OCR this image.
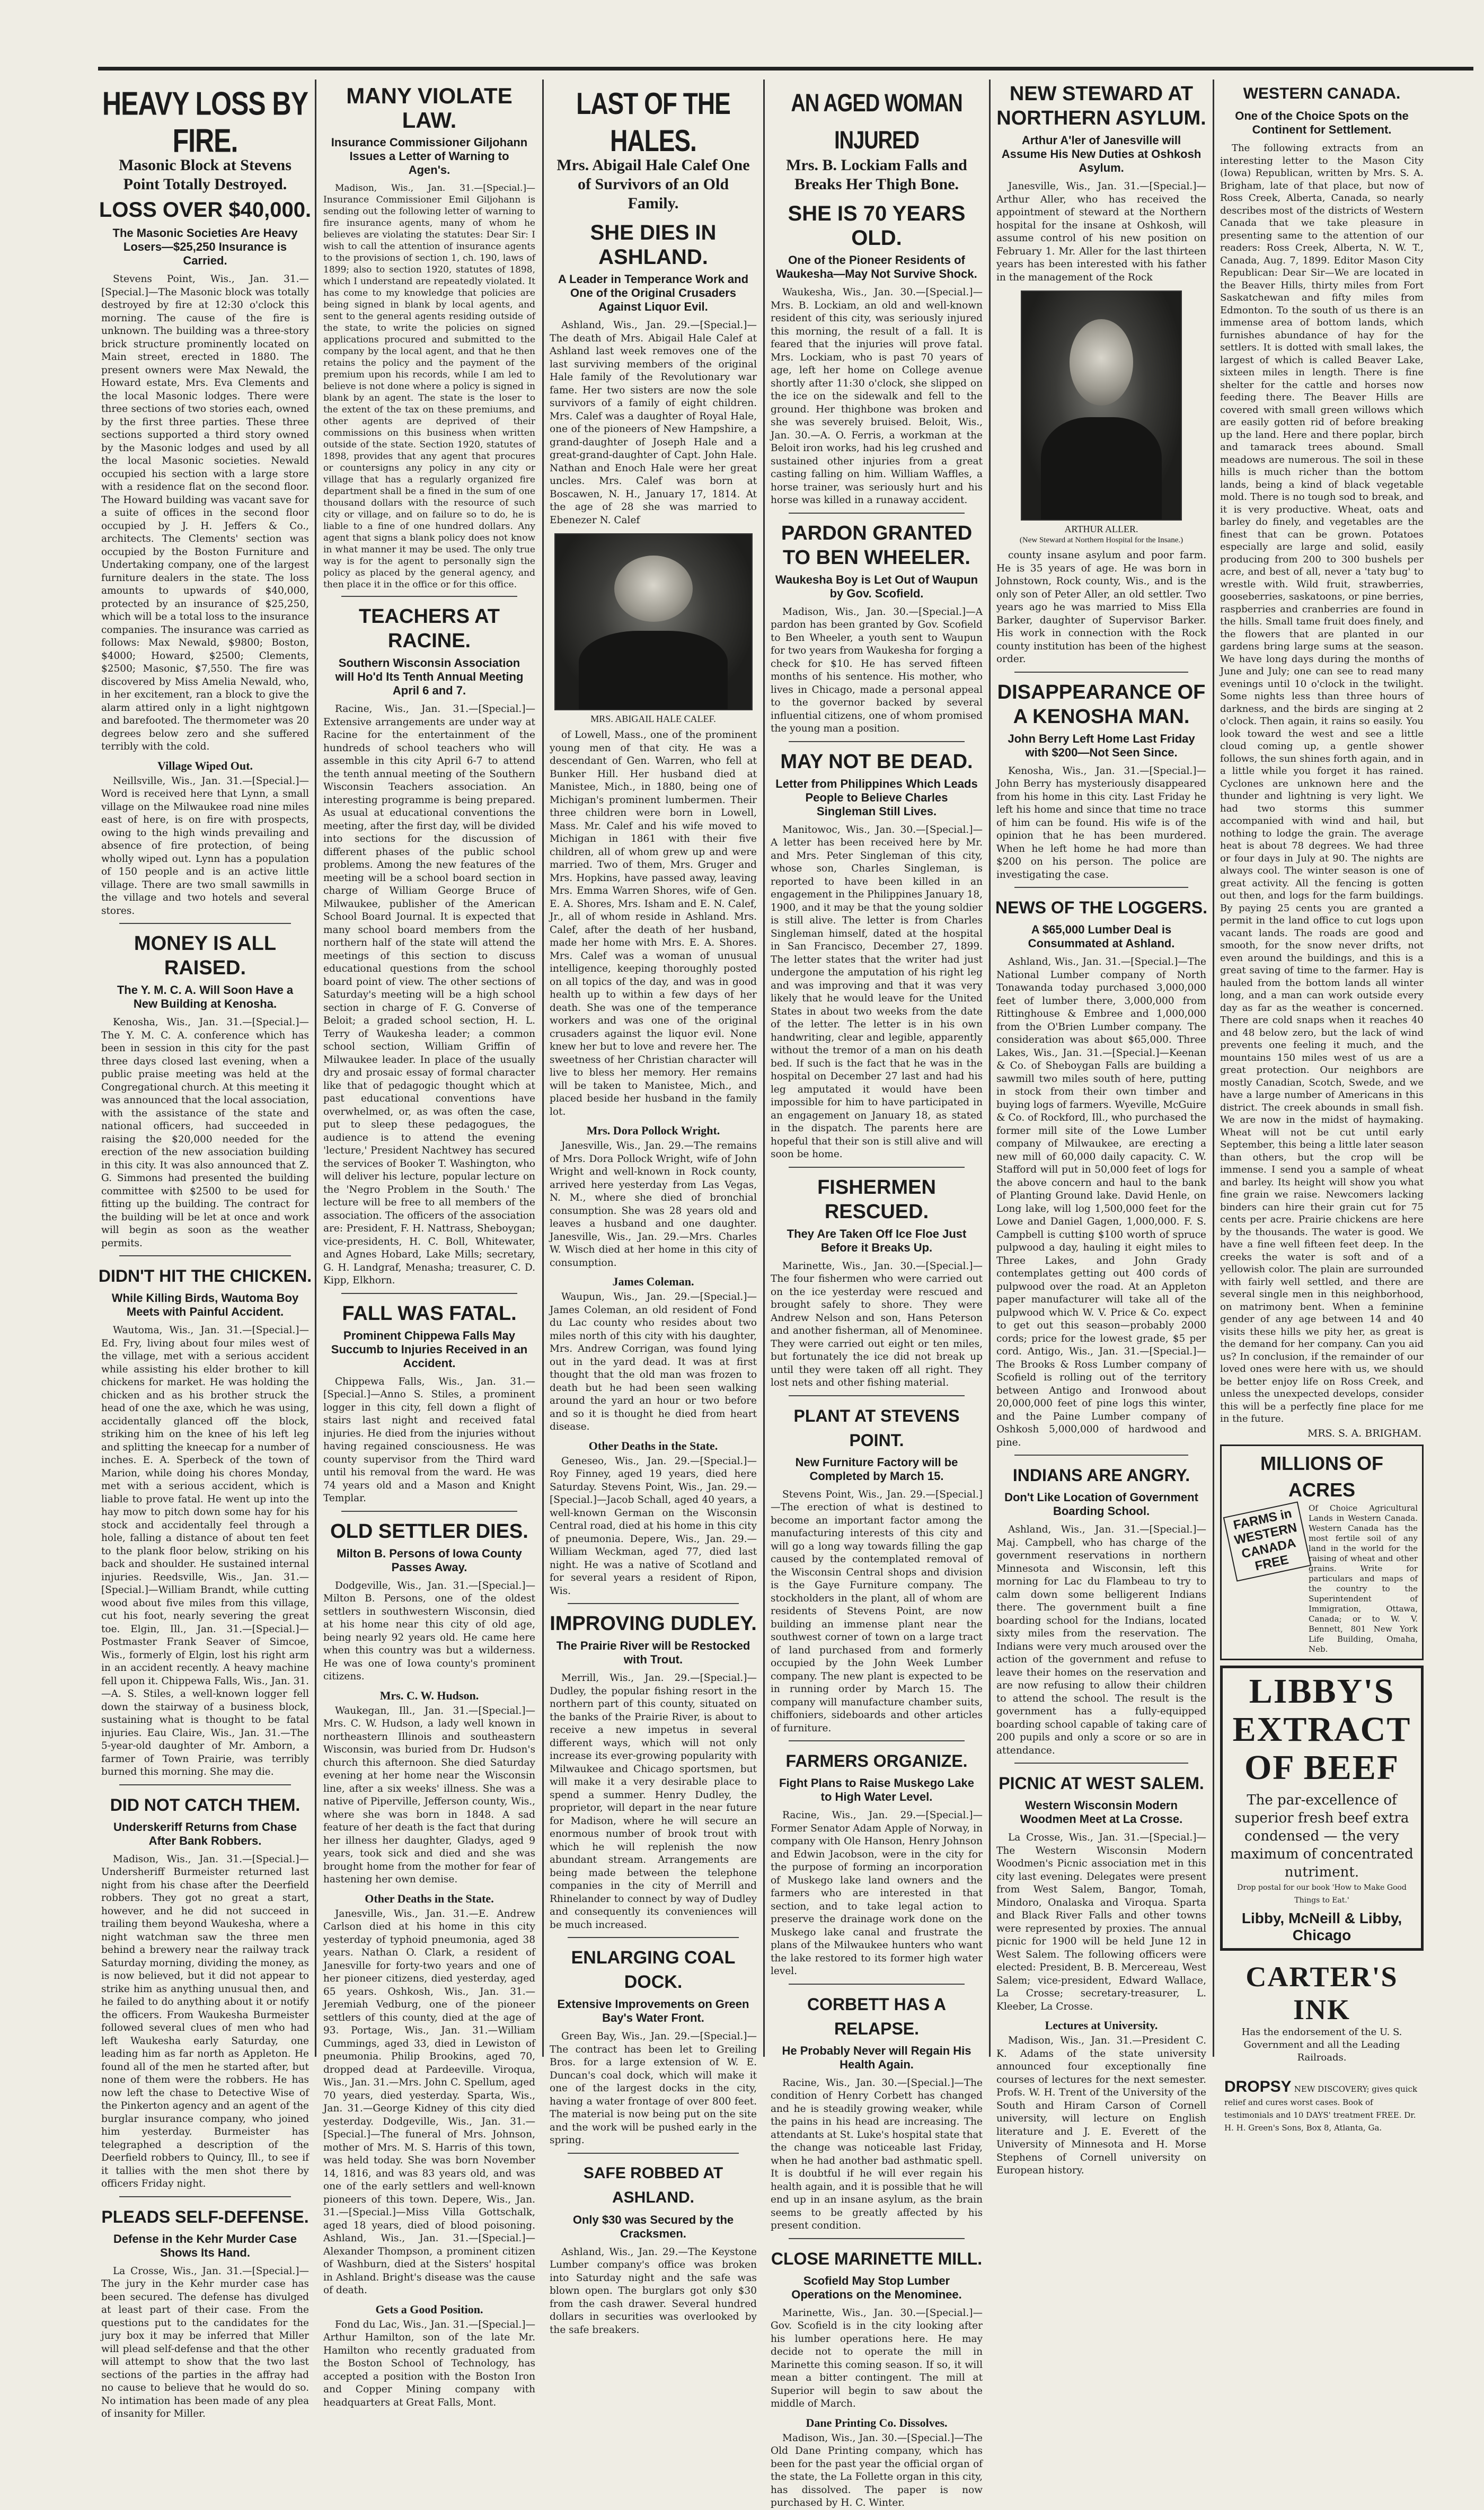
HEAVY LOSS BY FIRE.
Masonic Block at Stevens Point Totally Destroyed.
LOSS OVER $40,000.
The Masonic Societies Are Heavy Losers—$25,250 Insurance is Carried.

Stevens Point, Wis., Jan. 31.—[Special.]—The Masonic block was totally destroyed by fire at 12:30 o'clock this morning. The cause of the fire is unknown. The building was a three-story brick structure prominently located on Main street, erected in 1880. The present owners were Max Newald, the Howard estate, Mrs. Eva Clements and the local Masonic lodges. There were three sections of two stories each, owned by the first three parties. These three sections supported a third story owned by the Masonic lodges and used by all the local Masonic societies. Newald occupied his section with a large store with a residence flat on the second floor. The Howard building was vacant save for a suite of offices in the second floor occupied by J. H. Jeffers & Co., architects. The Clements' section was occupied by the Boston Furniture and Undertaking company, one of the largest furniture dealers in the state. The loss amounts to upwards of $40,000, protected by an insurance of $25,250, which will be a total loss to the insurance companies. The insurance was carried as follows: Max Newald, $9800; Boston, $4000; Howard, $2500; Clements, $2500; Masonic, $7,550. The fire was discovered by Miss Amelia Newald, who, in her excitement, ran a block to give the alarm attired only in a light nightgown and barefooted. The thermometer was 20 degrees below zero and she suffered terribly with the cold.

Village Wiped Out.

Neillsville, Wis., Jan. 31.—[Special.]—Word is received here that Lynn, a small village on the Milwaukee road nine miles east of here, is on fire with prospects, owing to the high winds prevailing and absence of fire protection, of being wholly wiped out. Lynn has a population of 150 people and is an active little village. There are two small sawmills in the village and two hotels and several stores.

MONEY IS ALL RAISED.
The Y. M. C. A. Will Soon Have a New Building at Kenosha.

Kenosha, Wis., Jan. 31.—[Special.]—The Y. M. C. A. conference which has been in session in this city for the past three days closed last evening, when a public praise meeting was held at the Congregational church. At this meeting it was announced that the local association, with the assistance of the state and national officers, had succeeded in raising the $20,000 needed for the erection of the new association building in this city. It was also announced that Z. G. Simmons had presented the building committee with $2500 to be used for fitting up the building. The contract for the building will be let at once and work will begin as soon as the weather permits.

DIDN'T HIT THE CHICKEN.
While Killing Birds, Wautoma Boy Meets with Painful Accident.

Wautoma, Wis., Jan. 31.—[Special.]—Ed. Fry, living about four miles west of the village, met with a serious accident while assisting his elder brother to kill chickens for market. He was holding the chicken and as his brother struck the head of one the axe, which he was using, accidentally glanced off the block, striking him on the knee of his left leg and splitting the kneecap for a number of inches. E. A. Sperbeck of the town of Marion, while doing his chores Monday, met with a serious accident, which is liable to prove fatal. He went up into the hay mow to pitch down some hay for his stock and accidentally feel through a hole, falling a distance of about ten feet to the plank floor below, striking on his back and shoulder. He sustained internal injuries. Reedsville, Wis., Jan. 31.—[Special.]—William Brandt, while cutting wood about five miles from this village, cut his foot, nearly severing the great toe. Elgin, Ill., Jan. 31.—[Special.]—Postmaster Frank Seaver of Simcoe, Wis., formerly of Elgin, lost his right arm in an accident recently. A heavy machine fell upon it. Chippewa Falls, Wis., Jan. 31.—A. S. Stiles, a well-known logger fell down the stairway of a business block, sustaining what is thought to be fatal injuries. Eau Claire, Wis., Jan. 31.—The 5-year-old daughter of Mr. Amborn, a farmer of Town Prairie, was terribly burned this morning. She may die.

DID NOT CATCH THEM.
Underskeriff Returns from Chase After Bank Robbers.

Madison, Wis., Jan. 31.—[Special.]—Undersheriff Burmeister returned last night from his chase after the Deerfield robbers. They got no great a start, however, and he did not succeed in trailing them beyond Waukesha, where a night watchman saw the three men behind a brewery near the railway track Saturday morning, dividing the money, as is now believed, but it did not appear to strike him as anything unusual then, and he failed to do anything about it or notify the officers. From Waukesha Burmeister followed several clues of men who had left Waukesha early Saturday, one leading him as far north as Appleton. He found all of the men he started after, but none of them were the robbers. He has now left the chase to Detective Wise of the Pinkerton agency and an agent of the burglar insurance company, who joined him yesterday. Burmeister has telegraphed a description of the Deerfield robbers to Quincy, Ill., to see if it tallies with the men shot there by officers Friday night.

PLEADS SELF-DEFENSE.
Defense in the Kehr Murder Case Shows Its Hand.

La Crosse, Wis., Jan. 31.—[Special.]—The jury in the Kehr murder case has been secured. The defense has divulged at least part of their case. From the questions put to the candidates for the jury box it may be inferred that Miller will plead self-defense and that the other will attempt to show that the two last sections of the parties in the affray had no cause to believe that he would do so. No intimation has been made of any plea of insanity for Miller.

MANY VIOLATE LAW.
Insurance Commissioner Giljohann Issues a Letter of Warning to Agen's.

Madison, Wis., Jan. 31.—[Special.]—Insurance Commissioner Emil Giljohann is sending out the following letter of warning to fire insurance agents, many of whom he believes are violating the statutes: Dear Sir: I wish to call the attention of insurance agents to the provisions of section 1, ch. 190, laws of 1899; also to section 1920, statutes of 1898, which I understand are repeatedly violated. It has come to my knowledge that policies are being signed in blank by local agents, and sent to the general agents residing outside of the state, to write the policies on signed applications procured and submitted to the company by the local agent, and that he then retains the policy and the payment of the premium upon his records, while I am led to believe is not done where a policy is signed in blank by an agent. The state is the loser to the extent of the tax on these premiums, and other agents are deprived of their commissions on this business when written outside of the state. Section 1920, statutes of 1898, provides that any agent that procures or countersigns any policy in any city or village that has a regularly organized fire department shall be a fined in the sum of one thousand dollars with the resource of such city or village, and on failure so to do, he is liable to a fine of one hundred dollars. Any agent that signs a blank policy does not know in what manner it may be used. The only true way is for the agent to personally sign the policy as placed by the general agency, and then place it in the office or for this office.

TEACHERS AT RACINE.
Southern Wisconsin Association will Ho'd Its Tenth Annual Meeting April 6 and 7.

Racine, Wis., Jan. 31.—[Special.]—Extensive arrangements are under way at Racine for the entertainment of the hundreds of school teachers who will assemble in this city April 6-7 to attend the tenth annual meeting of the Southern Wisconsin Teachers association. An interesting programme is being prepared. As usual at educational conventions the meeting, after the first day, will be divided into sections for the discussion of different phases of the public school problems. Among the new features of the meeting will be a school board section in charge of William George Bruce of Milwaukee, publisher of the American School Board Journal. It is expected that many school board members from the northern half of the state will attend the meetings of this section to discuss educational questions from the school board point of view. The other sections of Saturday's meeting will be a high school section in charge of F. G. Converse of Beloit; a graded school section, H. L. Terry of Waukesha leader; a common school section, William Griffin of Milwaukee leader. In place of the usually dry and prosaic essay of formal character like that of pedagogic thought which at past educational conventions have overwhelmed, or, as was often the case, put to sleep these pedagogues, the audience is to attend the evening 'lecture,' President Nachtwey has secured the services of Booker T. Washington, who will deliver his lecture, popular lecture on the 'Negro Problem in the South.' The lecture will be free to all members of the association. The officers of the association are: President, F. H. Nattrass, Sheboygan; vice-presidents, H. C. Boll, Whitewater, and Agnes Hobard, Lake Mills; secretary, G. H. Landgraf, Menasha; treasurer, C. D. Kipp, Elkhorn.

FALL WAS FATAL.
Prominent Chippewa Falls May Succumb to Injuries Received in an Accident.

Chippewa Falls, Wis., Jan. 31.—[Special.]—Anno S. Stiles, a prominent logger in this city, fell down a flight of stairs last night and received fatal injuries. He died from the injuries without having regained consciousness. He was county supervisor from the Third ward until his removal from the ward. He was 74 years old and a Mason and Knight Templar.

OLD SETTLER DIES.
Milton B. Persons of Iowa County Passes Away.

Dodgeville, Wis., Jan. 31.—[Special.]—Milton B. Persons, one of the oldest settlers in southwestern Wisconsin, died at his home near this city of old age, being nearly 92 years old. He came here when this country was but a wilderness. He was one of Iowa county's prominent citizens.

Mrs. C. W. Hudson.

Waukegan, Ill., Jan. 31.—[Special.]—Mrs. C. W. Hudson, a lady well known in northeastern Illinois and southeastern Wisconsin, was buried from Dr. Hudson's church this afternoon. She died Saturday evening at her home near the Wisconsin line, after a six weeks' illness. She was a native of Piperville, Jefferson county, Wis., where she was born in 1848. A sad feature of her death is the fact that during her illness her daughter, Gladys, aged 9 years, took sick and died and she was brought home from the mother for fear of hastening her own demise.

Other Deaths in the State.

Janesville, Wis., Jan. 31.—E. Andrew Carlson died at his home in this city yesterday of typhoid pneumonia, aged 38 years. Nathan O. Clark, a resident of Janesville for forty-two years and one of her pioneer citizens, died yesterday, aged 65 years. Oshkosh, Wis., Jan. 31.—Jeremiah Vedburg, one of the pioneer settlers of this county, died at the age of 93. Portage, Wis., Jan. 31.—William Cummings, aged 33, died in Lewiston of pneumonia. Philip Brookins, aged 70, dropped dead at Pardeeville. Viroqua, Wis., Jan. 31.—Mrs. John C. Spellum, aged 70 years, died yesterday. Sparta, Wis., Jan. 31.—George Kidney of this city died yesterday. Dodgeville, Wis., Jan. 31.—[Special.]—The funeral of Mrs. Johnson, mother of Mrs. M. S. Harris of this town, was held today. She was born November 14, 1816, and was 83 years old, and was one of the early settlers and well-known pioneers of this town. Depere, Wis., Jan. 31.—[Special.]—Miss Villa Gottschalk, aged 18 years, died of blood poisoning. Ashland, Wis., Jan. 31.—[Special.]—Alexander Thompson, a prominent citizen of Washburn, died at the Sisters' hospital in Ashland. Bright's disease was the cause of death.

Gets a Good Position.

Fond du Lac, Wis., Jan. 31.—[Special.]—Arthur Hamilton, son of the late Mr. Hamilton who recently graduated from the Boston School of Technology, has accepted a position with the Boston Iron and Copper Mining company with headquarters at Great Falls, Mont.

LAST OF THE HALES.
Mrs. Abigail Hale Calef One of Survivors of an Old Family.
SHE DIES IN ASHLAND.
A Leader in Temperance Work and One of the Original Crusaders Against Liquor Evil.

Ashland, Wis., Jan. 29.—[Special.]—The death of Mrs. Abigail Hale Calef at Ashland last week removes one of the last surviving members of the original Hale family of the Revolutionary war fame. Her two sisters are now the sole survivors of a family of eight children. Mrs. Calef was a daughter of Royal Hale, one of the pioneers of New Hampshire, a grand-daughter of Joseph Hale and a great-grand-daughter of Capt. John Hale. Nathan and Enoch Hale were her great uncles. Mrs. Calef was born at Boscawen, N. H., January 17, 1814. At the age of 28 she was married to Ebenezer N. Calef

MRS. ABIGAIL HALE CALEF.

of Lowell, Mass., one of the prominent young men of that city. He was a descendant of Gen. Warren, who fell at Bunker Hill. Her husband died at Manistee, Mich., in 1880, being one of Michigan's prominent lumbermen. Their three children were born in Lowell, Mass. Mr. Calef and his wife moved to Michigan in 1861 with their five children, all of whom grew up and were married. Two of them, Mrs. Gruger and Mrs. Hopkins, have passed away, leaving Mrs. Emma Warren Shores, wife of Gen. E. A. Shores, Mrs. Isham and E. N. Calef, Jr., all of whom reside in Ashland. Mrs. Calef, after the death of her husband, made her home with Mrs. E. A. Shores. Mrs. Calef was a woman of unusual intelligence, keeping thoroughly posted on all topics of the day, and was in good health up to within a few days of her death. She was one of the temperance workers and was one of the original crusaders against the liquor evil. None knew her but to love and revere her. The sweetness of her Christian character will live to bless her memory. Her remains will be taken to Manistee, Mich., and placed beside her husband in the family lot.

Mrs. Dora Pollock Wright.

Janesville, Wis., Jan. 29.—The remains of Mrs. Dora Pollock Wright, wife of John Wright and well-known in Rock county, arrived here yesterday from Las Vegas, N. M., where she died of bronchial consumption. She was 28 years old and leaves a husband and one daughter. Janesville, Wis., Jan. 29.—Mrs. Charles W. Wisch died at her home in this city of consumption.

James Coleman.

Waupun, Wis., Jan. 29.—[Special.]—James Coleman, an old resident of Fond du Lac county who resides about two miles north of this city with his daughter, Mrs. Andrew Corrigan, was found lying out in the yard dead. It was at first thought that the old man was frozen to death but he had been seen walking around the yard an hour or two before and so it is thought he died from heart disease.

Other Deaths in the State.

Geneseo, Wis., Jan. 29.—[Special.]—Roy Finney, aged 19 years, died here Saturday. Stevens Point, Wis., Jan. 29.—[Special.]—Jacob Schall, aged 40 years, a well-known German on the Wisconsin Central road, died at his home in this city of pneumonia. Depere, Wis., Jan. 29.—William Weckman, aged 77, died last night. He was a native of Scotland and for several years a resident of Ripon, Wis.

IMPROVING DUDLEY.
The Prairie River will be Restocked with Trout.

Merrill, Wis., Jan. 29.—[Special.]—Dudley, the popular fishing resort in the northern part of this county, situated on the banks of the Prairie River, is about to receive a new impetus in several different ways, which will not only increase its ever-growing popularity with Milwaukee and Chicago sportsmen, but will make it a very desirable place to spend a summer. Henry Dudley, the proprietor, will depart in the near future for Madison, where he will secure an enormous number of brook trout with which he will replenish the now abundant stream. Arrangements are being made between the telephone companies in the city of Merrill and Rhinelander to connect by way of Dudley and consequently its conveniences will be much increased.

ENLARGING COAL DOCK.
Extensive Improvements on Green Bay's Water Front.

Green Bay, Wis., Jan. 29.—[Special.]—The contract has been let to Greiling Bros. for a large extension of W. E. Duncan's coal dock, which will make it one of the largest docks in the city, having a water frontage of over 800 feet. The material is now being put on the site and the work will be pushed early in the spring.

SAFE ROBBED AT ASHLAND.
Only $30 was Secured by the Cracksmen.

Ashland, Wis., Jan. 29.—The Keystone Lumber company's office was broken into Saturday night and the safe was blown open. The burglars got only $30 from the cash drawer. Several hundred dollars in securities was overlooked by the safe breakers.

AN AGED WOMAN INJURED
Mrs. B. Lockiam Falls and Breaks Her Thigh Bone.
SHE IS 70 YEARS OLD.
One of the Pioneer Residents of Waukesha—May Not Survive Shock.

Waukesha, Wis., Jan. 30.—[Special.]—Mrs. B. Lockiam, an old and well-known resident of this city, was seriously injured this morning, the result of a fall. It is feared that the injuries will prove fatal. Mrs. Lockiam, who is past 70 years of age, left her home on College avenue shortly after 11:30 o'clock, she slipped on the ice on the sidewalk and fell to the ground. Her thighbone was broken and she was severely bruised. Beloit, Wis., Jan. 30.—A. O. Ferris, a workman at the Beloit iron works, had his leg crushed and sustained other injuries from a great casting falling on him. William Waffles, a horse trainer, was seriously hurt and his horse was killed in a runaway accident.

PARDON GRANTED TO BEN WHEELER.
Waukesha Boy is Let Out of Waupun by Gov. Scofield.

Madison, Wis., Jan. 30.—[Special.]—A pardon has been granted by Gov. Scofield to Ben Wheeler, a youth sent to Waupun for two years from Waukesha for forging a check for $10. He has served fifteen months of his sentence. His mother, who lives in Chicago, made a personal appeal to the governor backed by several influential citizens, one of whom promised the young man a position.

MAY NOT BE DEAD.
Letter from Philippines Which Leads People to Believe Charles Singleman Still Lives.

Manitowoc, Wis., Jan. 30.—[Special.]—A letter has been received here by Mr. and Mrs. Peter Singleman of this city, whose son, Charles Singleman, is reported to have been killed in an engagement in the Philippines January 18, 1900, and it may be that the young soldier is still alive. The letter is from Charles Singleman himself, dated at the hospital in San Francisco, December 27, 1899. The letter states that the writer had just undergone the amputation of his right leg and was improving and that it was very likely that he would leave for the United States in about two weeks from the date of the letter. The letter is in his own handwriting, clear and legible, apparently without the tremor of a man on his death bed. If such is the fact that he was in the hospital on December 27 last and had his leg amputated it would have been impossible for him to have participated in an engagement on January 18, as stated in the dispatch. The parents here are hopeful that their son is still alive and will soon be home.

FISHERMEN RESCUED.
They Are Taken Off Ice Floe Just Before it Breaks Up.

Marinette, Wis., Jan. 30.—[Special.]—The four fishermen who were carried out on the ice yesterday were rescued and brought safely to shore. They were Andrew Nelson and son, Hans Peterson and another fisherman, all of Menominee. They were carried out eight or ten miles, but fortunately the ice did not break up until they were taken off all right. They lost nets and other fishing material.

PLANT AT STEVENS POINT.
New Furniture Factory will be Completed by March 15.

Stevens Point, Wis., Jan. 29.—[Special.]—The erection of what is destined to become an important factor among the manufacturing interests of this city and will go a long way towards filling the gap caused by the contemplated removal of the Wisconsin Central shops and division is the Gaye Furniture company. The stockholders in the plant, all of whom are residents of Stevens Point, are now building an immense plant near the southwest corner of town on a large tract of land purchased from and formerly occupied by the John Week Lumber company. The new plant is expected to be in running order by March 15. The company will manufacture chamber suits, chiffoniers, sideboards and other articles of furniture.

FARMERS ORGANIZE.
Fight Plans to Raise Muskego Lake to High Water Level.

Racine, Wis., Jan. 29.—[Special.]—Former Senator Adam Apple of Norway, in company with Ole Hanson, Henry Johnson and Edwin Jacobson, were in the city for the purpose of forming an incorporation of Muskego lake land owners and the farmers who are interested in that section, and to take legal action to preserve the drainage work done on the Muskego lake canal and frustrate the plans of the Milwaukee hunters who want the lake restored to its former high water level.

CORBETT HAS A RELAPSE.
He Probably Never will Regain His Health Again.

Racine, Wis., Jan. 30.—[Special.]—The condition of Henry Corbett has changed and he is steadily growing weaker, while the pains in his head are increasing. The attendants at St. Luke's hospital state that the change was noticeable last Friday, when he had another bad asthmatic spell. It is doubtful if he will ever regain his health again, and it is possible that he will end up in an insane asylum, as the brain seems to be greatly affected by his present condition.

CLOSE MARINETTE MILL.
Scofield May Stop Lumber Operations on the Menominee.

Marinette, Wis., Jan. 30.—[Special.]—Gov. Scofield is in the city looking after his lumber operations here. He may decide not to operate the mill in Marinette this coming season. If so, it will mean a bitter contingent. The mill at Superior will begin to saw about the middle of March.

Dane Printing Co. Dissolves.

Madison, Wis., Jan. 30.—[Special.]—The Old Dane Printing company, which has been for the past year the official organ of the state, the La Follette organ in this city, has dissolved. The paper is now purchased by H. C. Winter.

NEW STEWARD AT NORTHERN ASYLUM.
Arthur A'ler of Janesville will Assume His New Duties at Oshkosh Asylum.

Janesville, Wis., Jan. 31.—[Special.]—Arthur Aller, who has received the appointment of steward at the Northern hospital for the insane at Oshkosh, will assume control of his new position on February 1. Mr. Aller for the last thirteen years has been interested with his father in the management of the Rock

ARTHUR ALLER.
(New Steward at Northern Hospital for the Insane.)

county insane asylum and poor farm. He is 35 years of age. He was born in Johnstown, Rock county, Wis., and is the only son of Peter Aller, an old settler. Two years ago he was married to Miss Ella Barker, daughter of Supervisor Barker. His work in connection with the Rock county institution has been of the highest order.

DISAPPEARANCE OF A KENOSHA MAN.
John Berry Left Home Last Friday with $200—Not Seen Since.

Kenosha, Wis., Jan. 31.—[Special.]—John Berry has mysteriously disappeared from his home in this city. Last Friday he left his home and since that time no trace of him can be found. His wife is of the opinion that he has been murdered. When he left home he had more than $200 on his person. The police are investigating the case.

NEWS OF THE LOGGERS.
A $65,000 Lumber Deal is Consummated at Ashland.

Ashland, Wis., Jan. 31.—[Special.]—The National Lumber company of North Tonawanda today purchased 3,000,000 feet of lumber there, 3,000,000 from Rittinghouse & Embree and 1,000,000 from the O'Brien Lumber company. The consideration was about $65,000. Three Lakes, Wis., Jan. 31.—[Special.]—Keenan & Co. of Sheboygan Falls are building a sawmill two miles south of here, putting in stock from their own timber and buying logs of farmers. Wyeville, McGuire & Co. of Rockford, Ill., who purchased the former mill site of the Lowe Lumber company of Milwaukee, are erecting a new mill of 60,000 daily capacity. C. W. Stafford will put in 50,000 feet of logs for the above concern and haul to the bank of Planting Ground lake. David Henle, on Long lake, will log 1,500,000 feet for the Lowe and Daniel Gagen, 1,000,000. F. S. Campbell is cutting $100 worth of spruce pulpwood a day, hauling it eight miles to Three Lakes, and John Grady contemplates getting out 400 cords of pulpwood over the road. At an Appleton paper manufacturer will take all of the pulpwood which W. V. Price & Co. expect to get out this season—probably 2000 cords; price for the lowest grade, $5 per cord. Antigo, Wis., Jan. 31.—[Special.]—The Brooks & Ross Lumber company of Scofield is rolling out of the territory between Antigo and Ironwood about 20,000,000 feet of pine logs this winter, and the Paine Lumber company of Oshkosh 5,000,000 of hardwood and pine.

INDIANS ARE ANGRY.
Don't Like Location of Government Boarding School.

Ashland, Wis., Jan. 31.—[Special.]—Maj. Campbell, who has charge of the government reservations in northern Minnesota and Wisconsin, left this morning for Lac du Flambeau to try to calm down some belligerent Indians there. The government built a fine boarding school for the Indians, located sixty miles from the reservation. The Indians were very much aroused over the action of the government and refuse to leave their homes on the reservation and are now refusing to allow their children to attend the school. The result is the government has a fully-equipped boarding school capable of taking care of 200 pupils and only a score or so are in attendance.

PICNIC AT WEST SALEM.
Western Wisconsin Modern Woodmen Meet at La Crosse.

La Crosse, Wis., Jan. 31.—[Special.]—The Western Wisconsin Modern Woodmen's Picnic association met in this city last evening. Delegates were present from West Salem, Bangor, Tomah, Mindoro, Onalaska and Viroqua. Sparta and Black River Falls and other towns were represented by proxies. The annual picnic for 1900 will be held June 12 in West Salem. The following officers were elected: President, B. B. Mercereau, West Salem; vice-president, Edward Wallace, La Crosse; secretary-treasurer, L. Kleeber, La Crosse.

Lectures at University.

Madison, Wis., Jan. 31.—President C. K. Adams of the state university announced four exceptionally fine courses of lectures for the next semester. Profs. W. H. Trent of the University of the South and Hiram Carson of Cornell university, will lecture on English literature and J. E. Everett of the University of Minnesota and H. Morse Stephens of Cornell university on European history.

WESTERN CANADA.
One of the Choice Spots on the Continent for Settlement.

The following extracts from an interesting letter to the Mason City (Iowa) Republican, written by Mrs. S. A. Brigham, late of that place, but now of Ross Creek, Alberta, Canada, so nearly describes most of the districts of Western Canada that we take pleasure in presenting same to the attention of our readers: Ross Creek, Alberta, N. W. T., Canada, Aug. 7, 1899. Editor Mason City Republican: Dear Sir—We are located in the Beaver Hills, thirty miles from Fort Saskatchewan and fifty miles from Edmonton. To the south of us there is an immense area of bottom lands, which furnishes abundance of hay for the settlers. It is dotted with small lakes, the largest of which is called Beaver Lake, sixteen miles in length. There is fine shelter for the cattle and horses now feeding there. The Beaver Hills are covered with small green willows which are easily gotten rid of before breaking up the land. Here and there poplar, birch and tamarack trees abound. Small meadows are numerous. The soil in these hills is much richer than the bottom lands, being a kind of black vegetable mold. There is no tough sod to break, and it is very productive. Wheat, oats and barley do finely, and vegetables are the finest that can be grown. Potatoes especially are large and solid, easily producing from 200 to 300 bushels per acre, and best of all, never a 'taty bug' to wrestle with. Wild fruit, strawberries, gooseberries, saskatoons, or pine berries, raspberries and cranberries are found in the hills. Small tame fruit does finely, and the flowers that are planted in our gardens bring large sums at the season. We have long days during the months of June and July; one can see to read many evenings until 10 o'clock in the twilight. Some nights less than three hours of darkness, and the birds are singing at 2 o'clock. Then again, it rains so easily. You look toward the west and see a little cloud coming up, a gentle shower follows, the sun shines forth again, and in a little while you forget it has rained. Cyclones are unknown here and the thunder and lightning is very light. We had two storms this summer accompanied with wind and hail, but nothing to lodge the grain. The average heat is about 78 degrees. We had three or four days in July at 90. The nights are always cool. The winter season is one of great activity. All the fencing is gotten out then, and logs for the farm buildings. By paying 25 cents you are granted a permit in the land office to cut logs upon vacant lands. The roads are good and smooth, for the snow never drifts, not even around the buildings, and this is a great saving of time to the farmer. Hay is hauled from the bottom lands all winter long, and a man can work outside every day as far as the weather is concerned. There are cold snaps when it reaches 40 and 48 below zero, but the lack of wind prevents one feeling it much, and the mountains 150 miles west of us are a great protection. Our neighbors are mostly Canadian, Scotch, Swede, and we have a large number of Americans in this district. The creek abounds in small fish. We are now in the midst of haymaking. Wheat will not be cut until early September, this being a little later season than others, but the crop will be immense. I send you a sample of wheat and barley. Its height will show you what fine grain we raise. Newcomers lacking binders can hire their grain cut for 75 cents per acre. Prairie chickens are here by the thousands. The water is good. We have a fine well fifteen feet deep. In the creeks the water is soft and of a yellowish color. The plain are surrounded with fairly well settled, and there are several single men in this neighborhood, on matrimony bent. When a feminine gender of any age between 14 and 40 visits these hills we pity her, as great is the demand for her company. Can you aid us? In conclusion, if the remainder of our loved ones were here with us, we should be better enjoy life on Ross Creek, and unless the unexpected develops, consider this will be a perfectly fine place for me in the future.

MRS. S. A. BRIGHAM.
MILLIONS OF ACRES
FARMS in WESTERN CANADA FREE
Of Choice Agricultural Lands in Western Canada. Western Canada has the most fertile soil of any land in the world for the raising of wheat and other grains. Write for particulars and maps of the country to the Superintendent of Immigration, Ottawa, Canada; or to W. V. Bennett, 801 New York Life Building, Omaha, Neb.
LIBBY'S EXTRACT OF BEEF
The par-excellence of superior fresh beef extra condensed — the very maximum of concentrated nutriment.
Drop postal for our book 'How to Make Good Things to Eat.'
Libby, McNeill & Libby, Chicago
CARTER'S INK
Has the endorsement of the U. S. Government and all the Leading Railroads.
DROPSY NEW DISCOVERY; gives quick relief and cures worst cases. Book of testimonials and 10 DAYS' treatment FREE. Dr. H. H. Green's Sons, Box 8, Atlanta, Ga.
